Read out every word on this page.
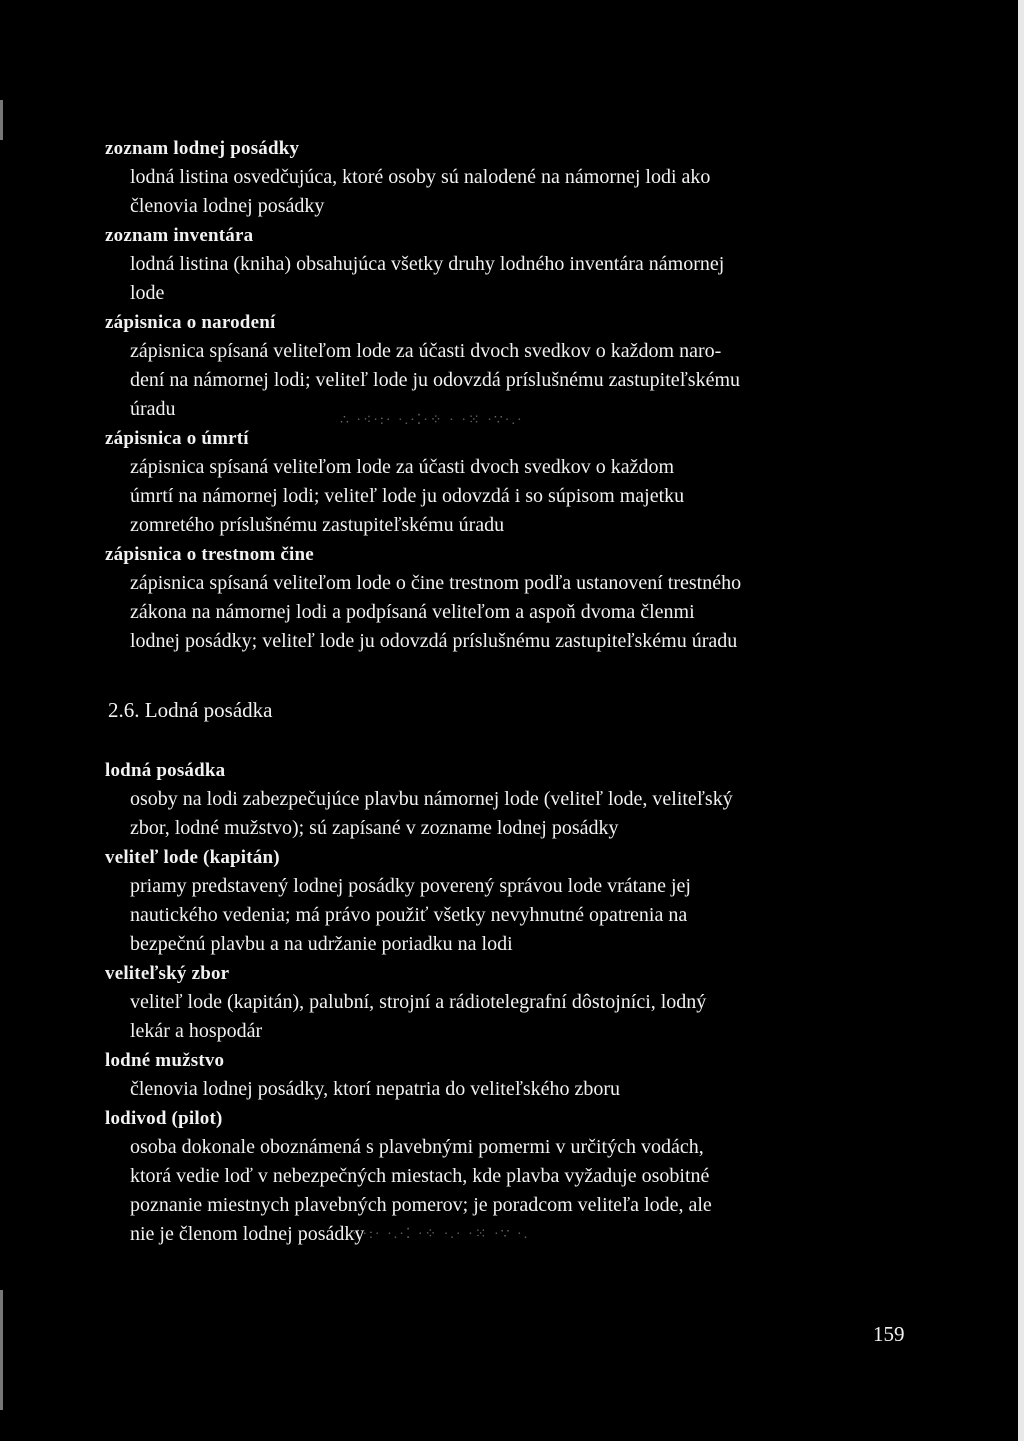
∴ ·⁖·:· ·.·⁚·⁘ · ·⁙ ·∵·.·
· ⁖·:· ·.·⁚ ·⁘ ·.· ·⁙ ·∵ ·.

zoznam lodnej posádky

lodná listina osvedčujúca, ktoré osoby sú nalodené na námornej lodi ako

členovia lodnej posádky

zoznam inventára

lodná listina (kniha) obsahujúca všetky druhy lodného inventára námornej

lode

zápisnica o narodení

zápisnica spísaná veliteľom lode za účasti dvoch svedkov o každom naro-

dení na námornej lodi; veliteľ lode ju odovzdá príslušnému zastupiteľskému

úradu

zápisnica o úmrtí

zápisnica spísaná veliteľom lode za účasti dvoch svedkov o každom

úmrtí na námornej lodi; veliteľ lode ju odovzdá i so súpisom majetku

zomretého príslušnému zastupiteľskému úradu

zápisnica o trestnom čine

zápisnica spísaná veliteľom lode o čine trestnom podľa ustanovení trestného

zákona na námornej lodi a podpísaná veliteľom a aspoň dvoma členmi

lodnej posádky; veliteľ lode ju odovzdá príslušnému zastupiteľskému úradu

2.6. Lodná posádka

lodná posádka

osoby na lodi zabezpečujúce plavbu námornej lode (veliteľ lode, veliteľský

zbor, lodné mužstvo); sú zapísané v zozname lodnej posádky

veliteľ lode (kapitán)

priamy predstavený lodnej posádky poverený správou lode vrátane jej

nautického vedenia; má právo použiť všetky nevyhnutné opatrenia na

bezpečnú plavbu a na udržanie poriadku na lodi

veliteľský zbor

veliteľ lode (kapitán), palubní, strojní a rádiotelegrafní dôstojníci, lodný

lekár a hospodár

lodné mužstvo

členovia lodnej posádky, ktorí nepatria do veliteľského zboru

lodivod (pilot)

osoba dokonale oboznámená s plavebnými pomermi v určitých vodách,

ktorá vedie loď v nebezpečných miestach, kde plavba vyžaduje osobitné

poznanie miestnych plavebných pomerov; je poradcom veliteľa lode, ale

nie je členom lodnej posádky

159
